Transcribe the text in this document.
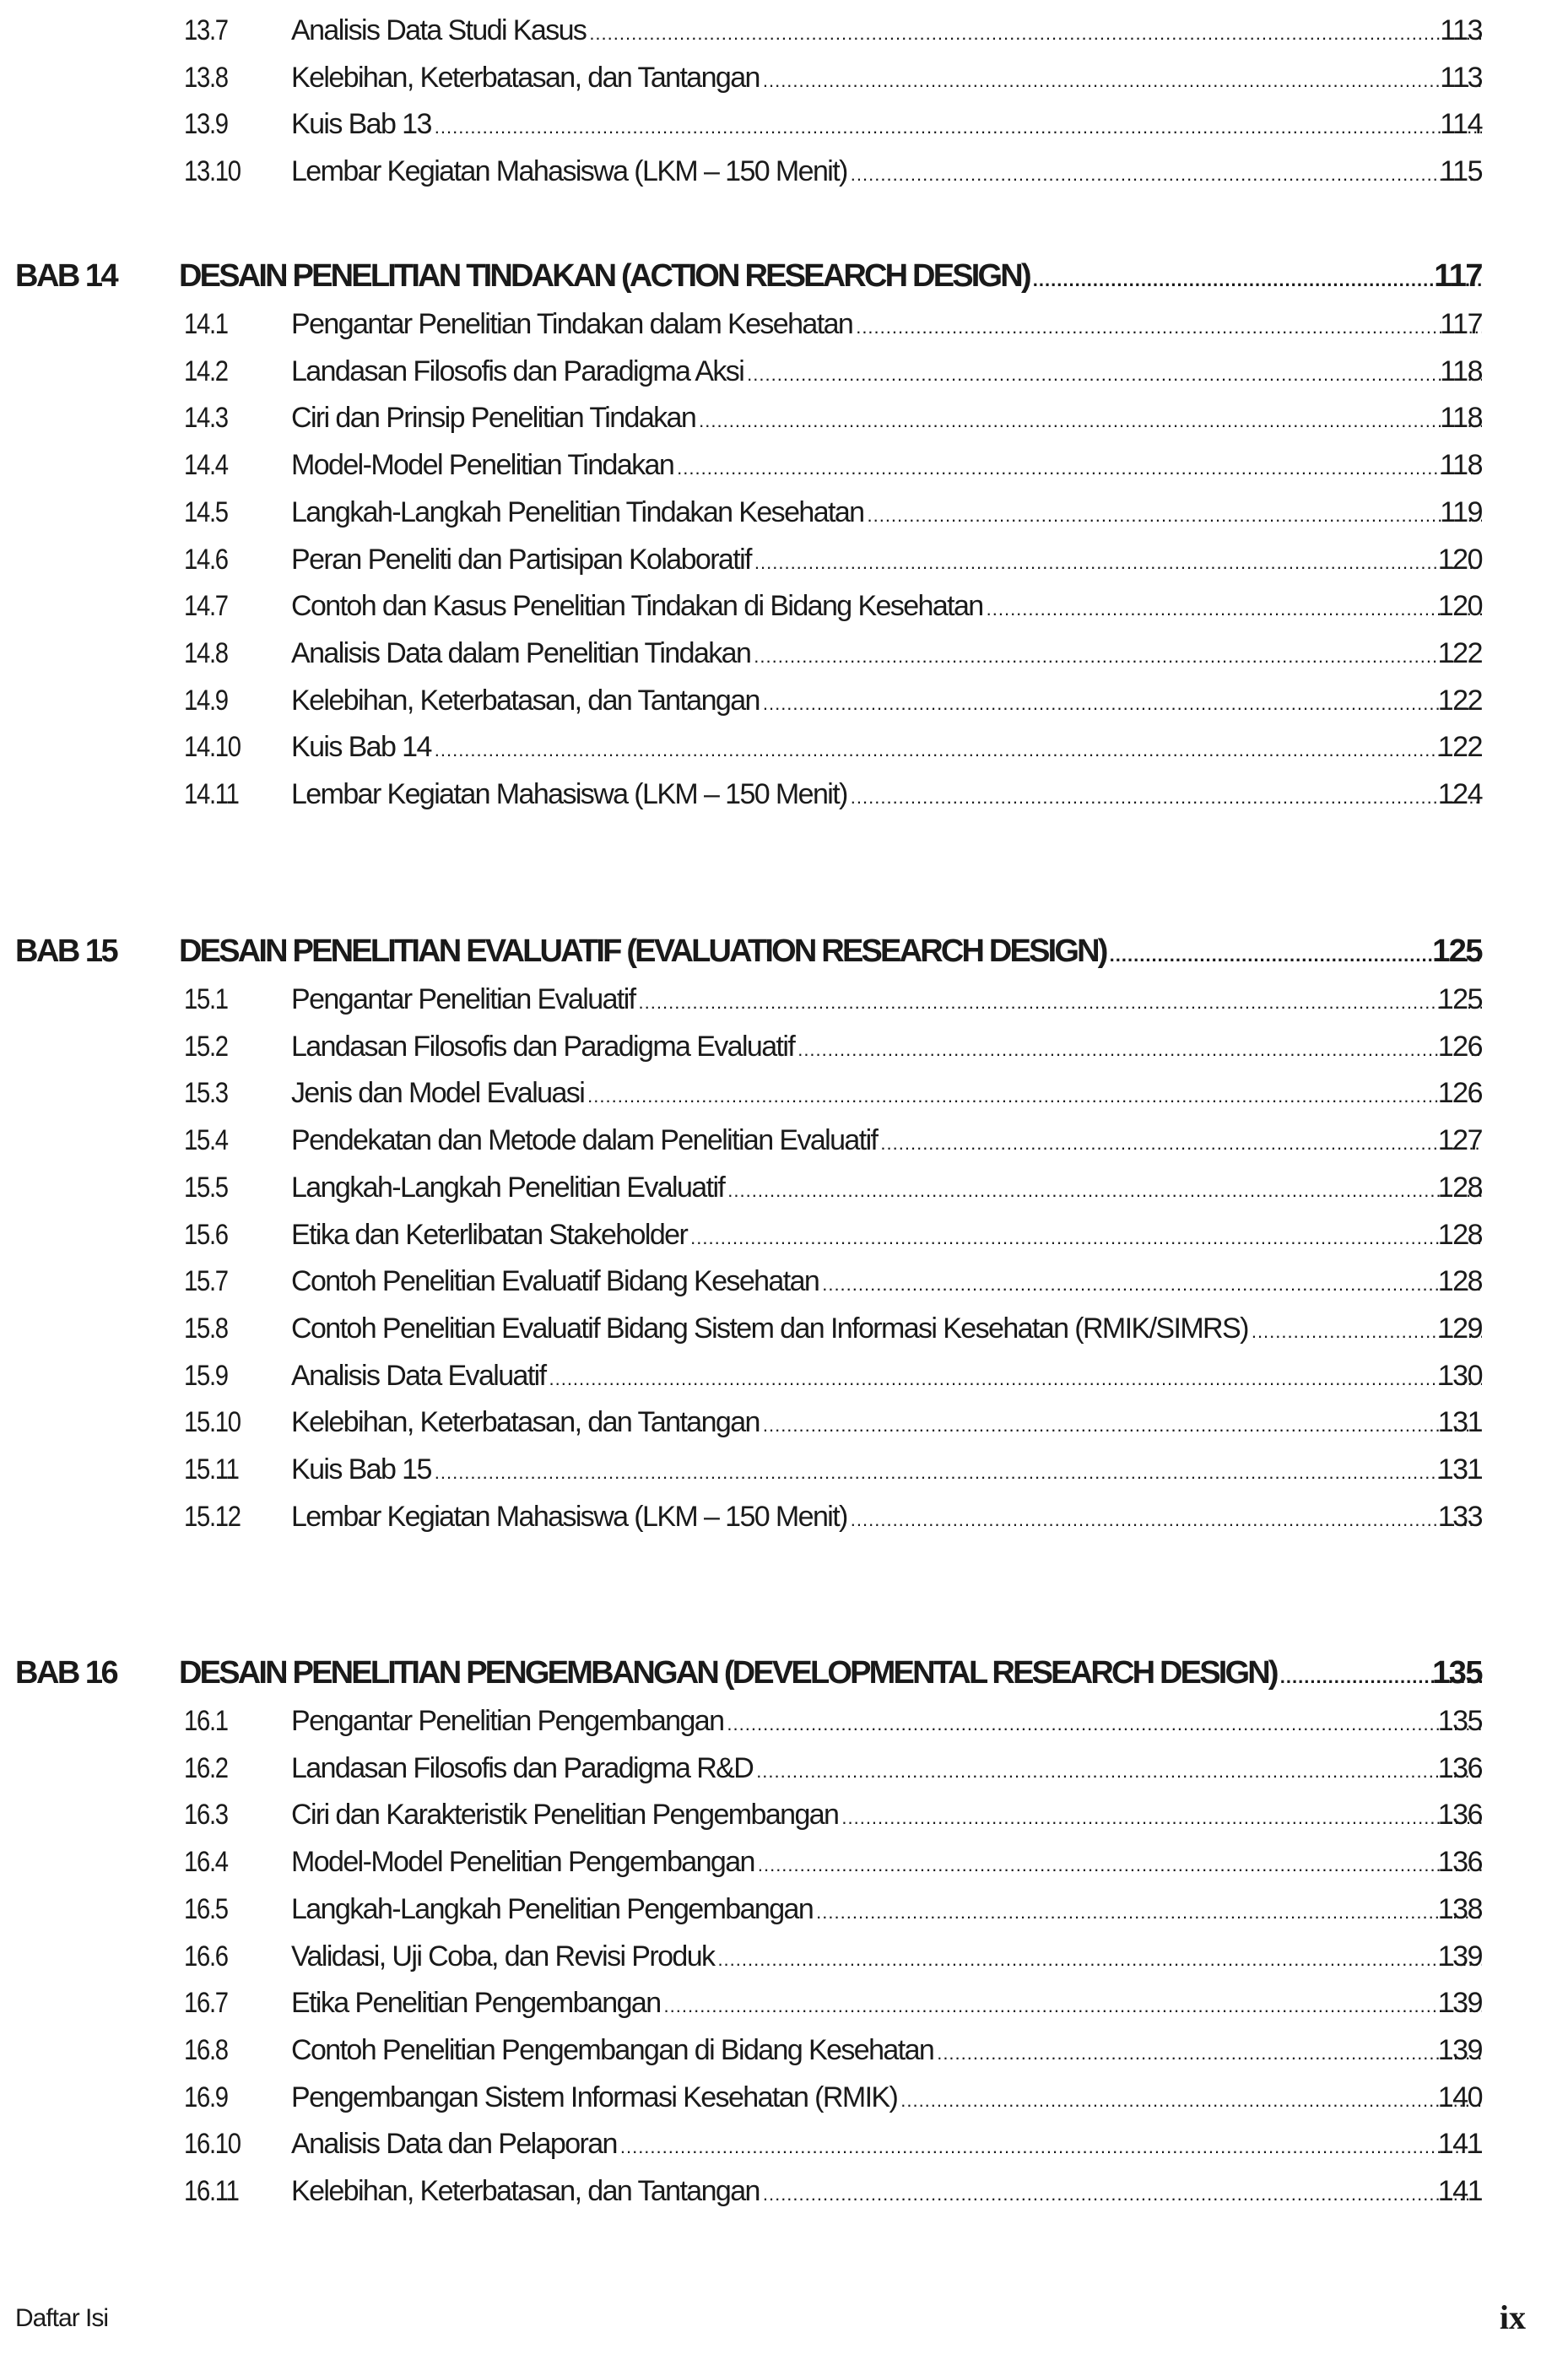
13.7 Analisis Data Studi Kasus .....	113
13.8 Kelebihan, Keterbatasan, dan Tantangan .....	113
13.9 Kuis Bab 13 .....	114
13.10 Lembar Kegiatan Mahasiswa (LKM – 150 Menit) .....	115
BAB 14 DESAIN PENELITIAN TINDAKAN (ACTION RESEARCH DESIGN) .....	117
14.1 Pengantar Penelitian Tindakan dalam Kesehatan .....	117
14.2 Landasan Filosofis dan Paradigma Aksi .....	118
14.3 Ciri dan Prinsip Penelitian Tindakan .....	118
14.4 Model-Model Penelitian Tindakan .....	118
14.5 Langkah-Langkah Penelitian Tindakan Kesehatan .....	119
14.6 Peran Peneliti dan Partisipan Kolaboratif .....	120
14.7 Contoh dan Kasus Penelitian Tindakan di Bidang Kesehatan .....	120
14.8 Analisis Data dalam Penelitian Tindakan .....	122
14.9 Kelebihan, Keterbatasan, dan Tantangan .....	122
14.10 Kuis Bab 14 .....	122
14.11 Lembar Kegiatan Mahasiswa (LKM – 150 Menit) .....	124
BAB 15 DESAIN PENELITIAN EVALUATIF (EVALUATION RESEARCH DESIGN) .....	125
15.1 Pengantar Penelitian Evaluatif .....	125
15.2 Landasan Filosofis dan Paradigma Evaluatif .....	126
15.3 Jenis dan Model Evaluasi .....	126
15.4 Pendekatan dan Metode dalam Penelitian Evaluatif .....	127
15.5 Langkah-Langkah Penelitian Evaluatif .....	128
15.6 Etika dan Keterlibatan Stakeholder .....	128
15.7 Contoh Penelitian Evaluatif Bidang Kesehatan .....	128
15.8 Contoh Penelitian Evaluatif Bidang Sistem dan Informasi Kesehatan (RMIK/SIMRS) .....	129
15.9 Analisis Data Evaluatif .....	130
15.10 Kelebihan, Keterbatasan, dan Tantangan .....	131
15.11 Kuis Bab 15 .....	131
15.12 Lembar Kegiatan Mahasiswa (LKM – 150 Menit) .....	133
BAB 16 DESAIN PENELITIAN PENGEMBANGAN (DEVELOPMENTAL RESEARCH DESIGN) .....	135
16.1 Pengantar Penelitian Pengembangan .....	135
16.2 Landasan Filosofis dan Paradigma R&D .....	136
16.3 Ciri dan Karakteristik Penelitian Pengembangan .....	136
16.4 Model-Model Penelitian Pengembangan .....	136
16.5 Langkah-Langkah Penelitian Pengembangan .....	138
16.6 Validasi, Uji Coba, dan Revisi Produk .....	139
16.7 Etika Penelitian Pengembangan .....	139
16.8 Contoh Penelitian Pengembangan di Bidang Kesehatan .....	139
16.9 Pengembangan Sistem Informasi Kesehatan (RMIK) .....	140
16.10 Analisis Data dan Pelaporan .....	141
16.11 Kelebihan, Keterbatasan, dan Tantangan .....	141
Daftar Isi	ix
